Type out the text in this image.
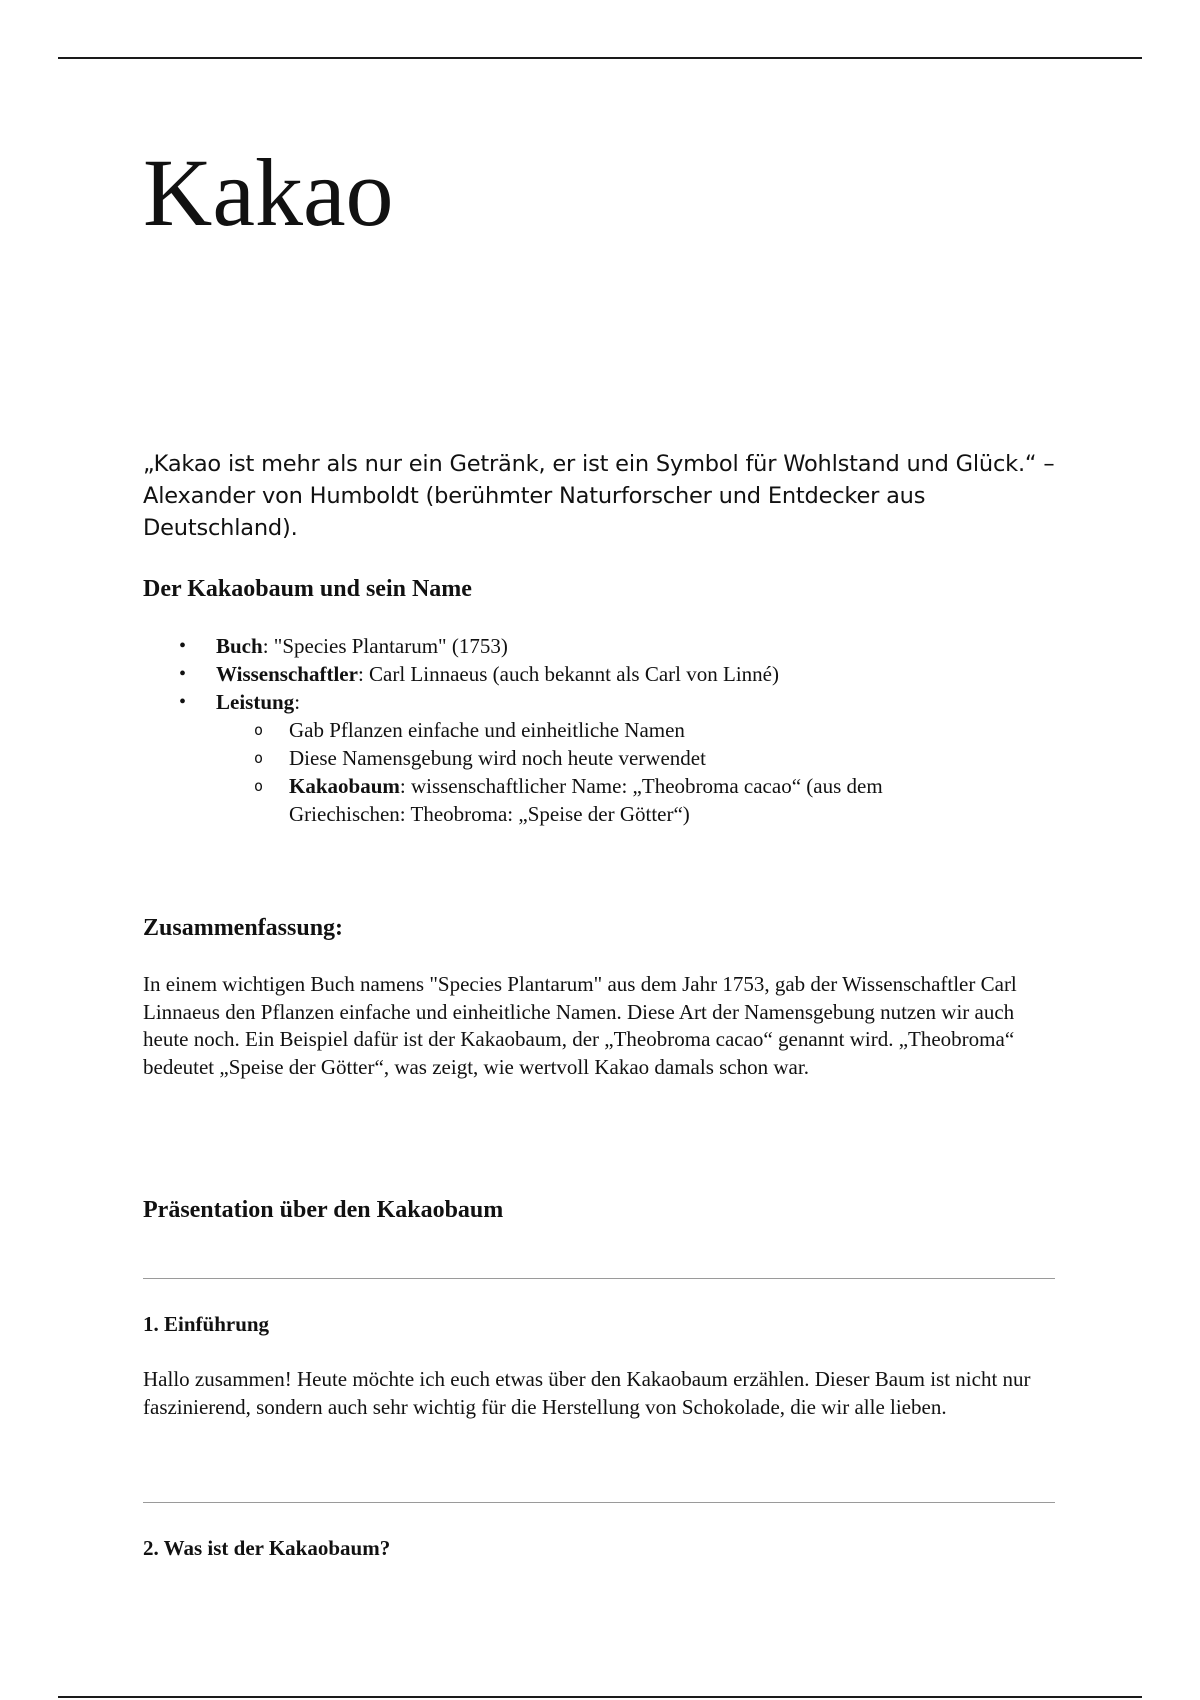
Kakao

„Kakao ist mehr als nur ein Getränk, er ist ein Symbol für Wohlstand und Glück.“ – Alexander von Humboldt (berühmter Naturforscher und Entdecker aus Deutschland).

Der Kakaobaum und sein Name
• Buch: "Species Plantarum" (1753)
• Wissenschaftler: Carl Linnaeus (auch bekannt als Carl von Linné)
• Leistung:
o Gab Pflanzen einfache und einheitliche Namen
o Diese Namensgebung wird noch heute verwendet
o Kakaobaum: wissenschaftlicher Name: „Theobroma cacao“ (aus dem Griechischen: Theobroma: „Speise der Götter“)
Zusammenfassung:

In einem wichtigen Buch namens "Species Plantarum" aus dem Jahr 1753, gab der Wissenschaftler Carl Linnaeus den Pflanzen einfache und einheitliche Namen. Diese Art der Namensgebung nutzen wir auch heute noch. Ein Beispiel dafür ist der Kakaobaum, der „Theobroma cacao“ genannt wird. „Theobroma“ bedeutet „Speise der Götter“, was zeigt, wie wertvoll Kakao damals schon war.

Präsentation über den Kakaobaum
1. Einführung

Hallo zusammen! Heute möchte ich euch etwas über den Kakaobaum erzählen. Dieser Baum ist nicht nur faszinierend, sondern auch sehr wichtig für die Herstellung von Schokolade, die wir alle lieben.

2. Was ist der Kakaobaum?
